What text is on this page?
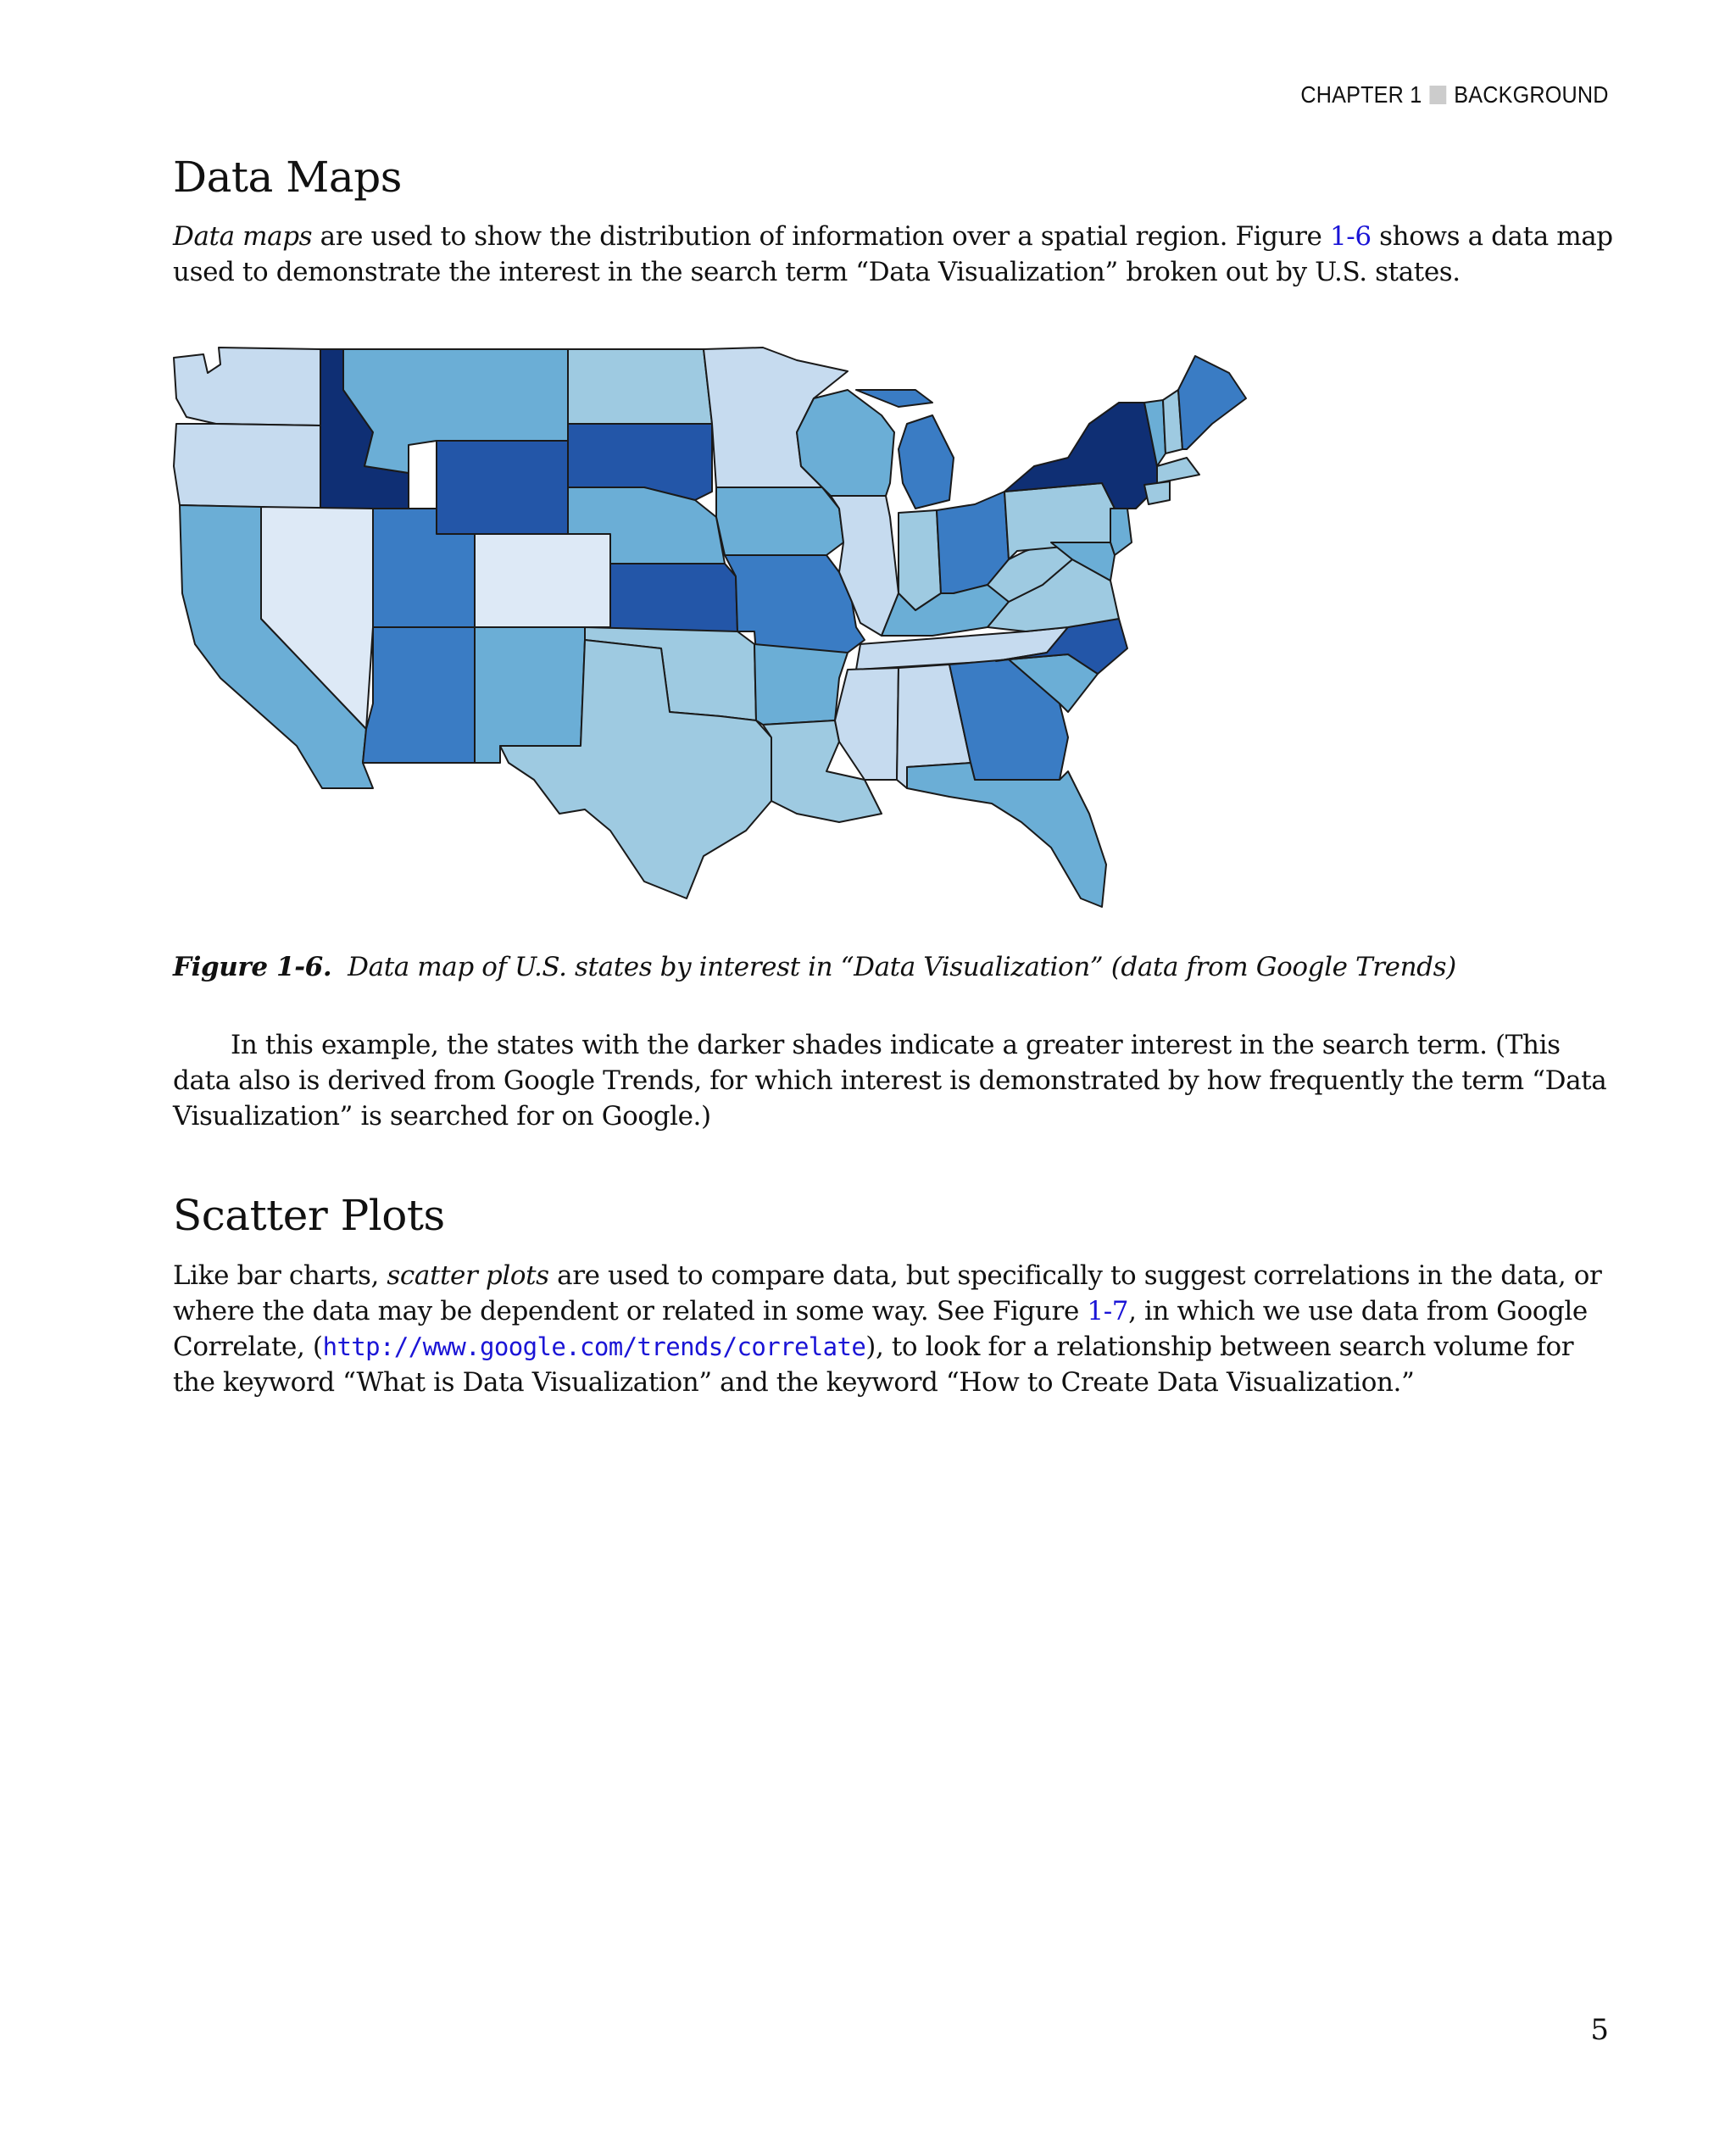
CHAPTER 1 BACKGROUND
Data Maps

Data maps are used to show the distribution of information over a spatial region. Figure 1-6 shows a data map used to demonstrate the interest in the search term “Data Visualization” broken out by U.S. states.

Figure 1-6. Data map of U.S. states by interest in “Data Visualization” (data from Google Trends)

In this example, the states with the darker shades indicate a greater interest in the search term. (This data also is derived from Google Trends, for which interest is demonstrated by how frequently the term “Data Visualization” is searched for on Google.)

Scatter Plots

Like bar charts, scatter plots are used to compare data, but specifically to suggest correlations in the data, or where the data may be dependent or related in some way. See Figure 1-7, in which we use data from Google Correlate, (http://www.google.com/trends/correlate), to look for a relationship between search volume for the keyword “What is Data Visualization” and the keyword “How to Create Data Visualization.”

5
